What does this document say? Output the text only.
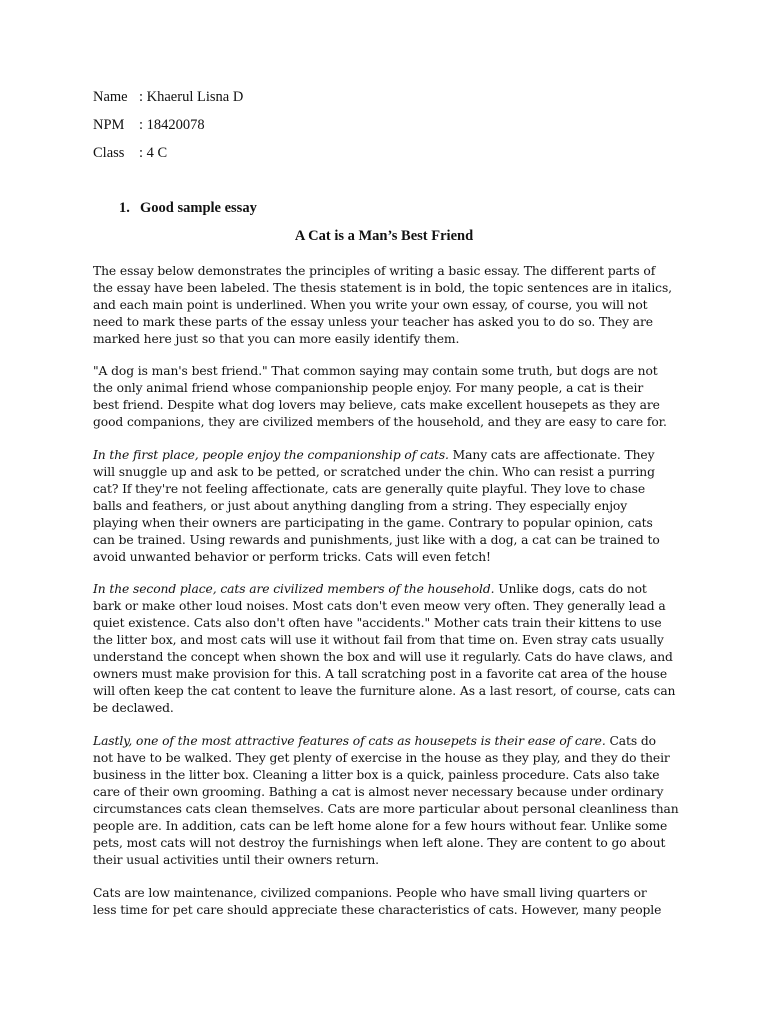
Name : Khaerul Lisna D
NPM : 18420078
Class : 4 C
1. Good sample essay
A Cat is a Man’s Best Friend
The essay below demonstrates the principles of writing a basic essay. The different parts of
the essay have been labeled. The thesis statement is in bold, the topic sentences are in italics,
and each main point is underlined. When you write your own essay, of course, you will not
need to mark these parts of the essay unless your teacher has asked you to do so. They are
marked here just so that you can more easily identify them.
"A dog is man's best friend." That common saying may contain some truth, but dogs are not
the only animal friend whose companionship people enjoy. For many people, a cat is their
best friend. Despite what dog lovers may believe, cats make excellent housepets as they are
good companions, they are civilized members of the household, and they are easy to care for.
In the first place, people enjoy the companionship of cats. Many cats are affectionate. They
will snuggle up and ask to be petted, or scratched under the chin. Who can resist a purring
cat? If they're not feeling affectionate, cats are generally quite playful. They love to chase
balls and feathers, or just about anything dangling from a string. They especially enjoy
playing when their owners are participating in the game. Contrary to popular opinion, cats
can be trained. Using rewards and punishments, just like with a dog, a cat can be trained to
avoid unwanted behavior or perform tricks. Cats will even fetch!
In the second place, cats are civilized members of the household. Unlike dogs, cats do not
bark or make other loud noises. Most cats don't even meow very often. They generally lead a
quiet existence. Cats also don't often have "accidents." Mother cats train their kittens to use
the litter box, and most cats will use it without fail from that time on. Even stray cats usually
understand the concept when shown the box and will use it regularly. Cats do have claws, and
owners must make provision for this. A tall scratching post in a favorite cat area of the house
will often keep the cat content to leave the furniture alone. As a last resort, of course, cats can
be declawed.
Lastly, one of the most attractive features of cats as housepets is their ease of care. Cats do
not have to be walked. They get plenty of exercise in the house as they play, and they do their
business in the litter box. Cleaning a litter box is a quick, painless procedure. Cats also take
care of their own grooming. Bathing a cat is almost never necessary because under ordinary
circumstances cats clean themselves. Cats are more particular about personal cleanliness than
people are. In addition, cats can be left home alone for a few hours without fear. Unlike some
pets, most cats will not destroy the furnishings when left alone. They are content to go about
their usual activities until their owners return.
Cats are low maintenance, civilized companions. People who have small living quarters or
less time for pet care should appreciate these characteristics of cats. However, many people
